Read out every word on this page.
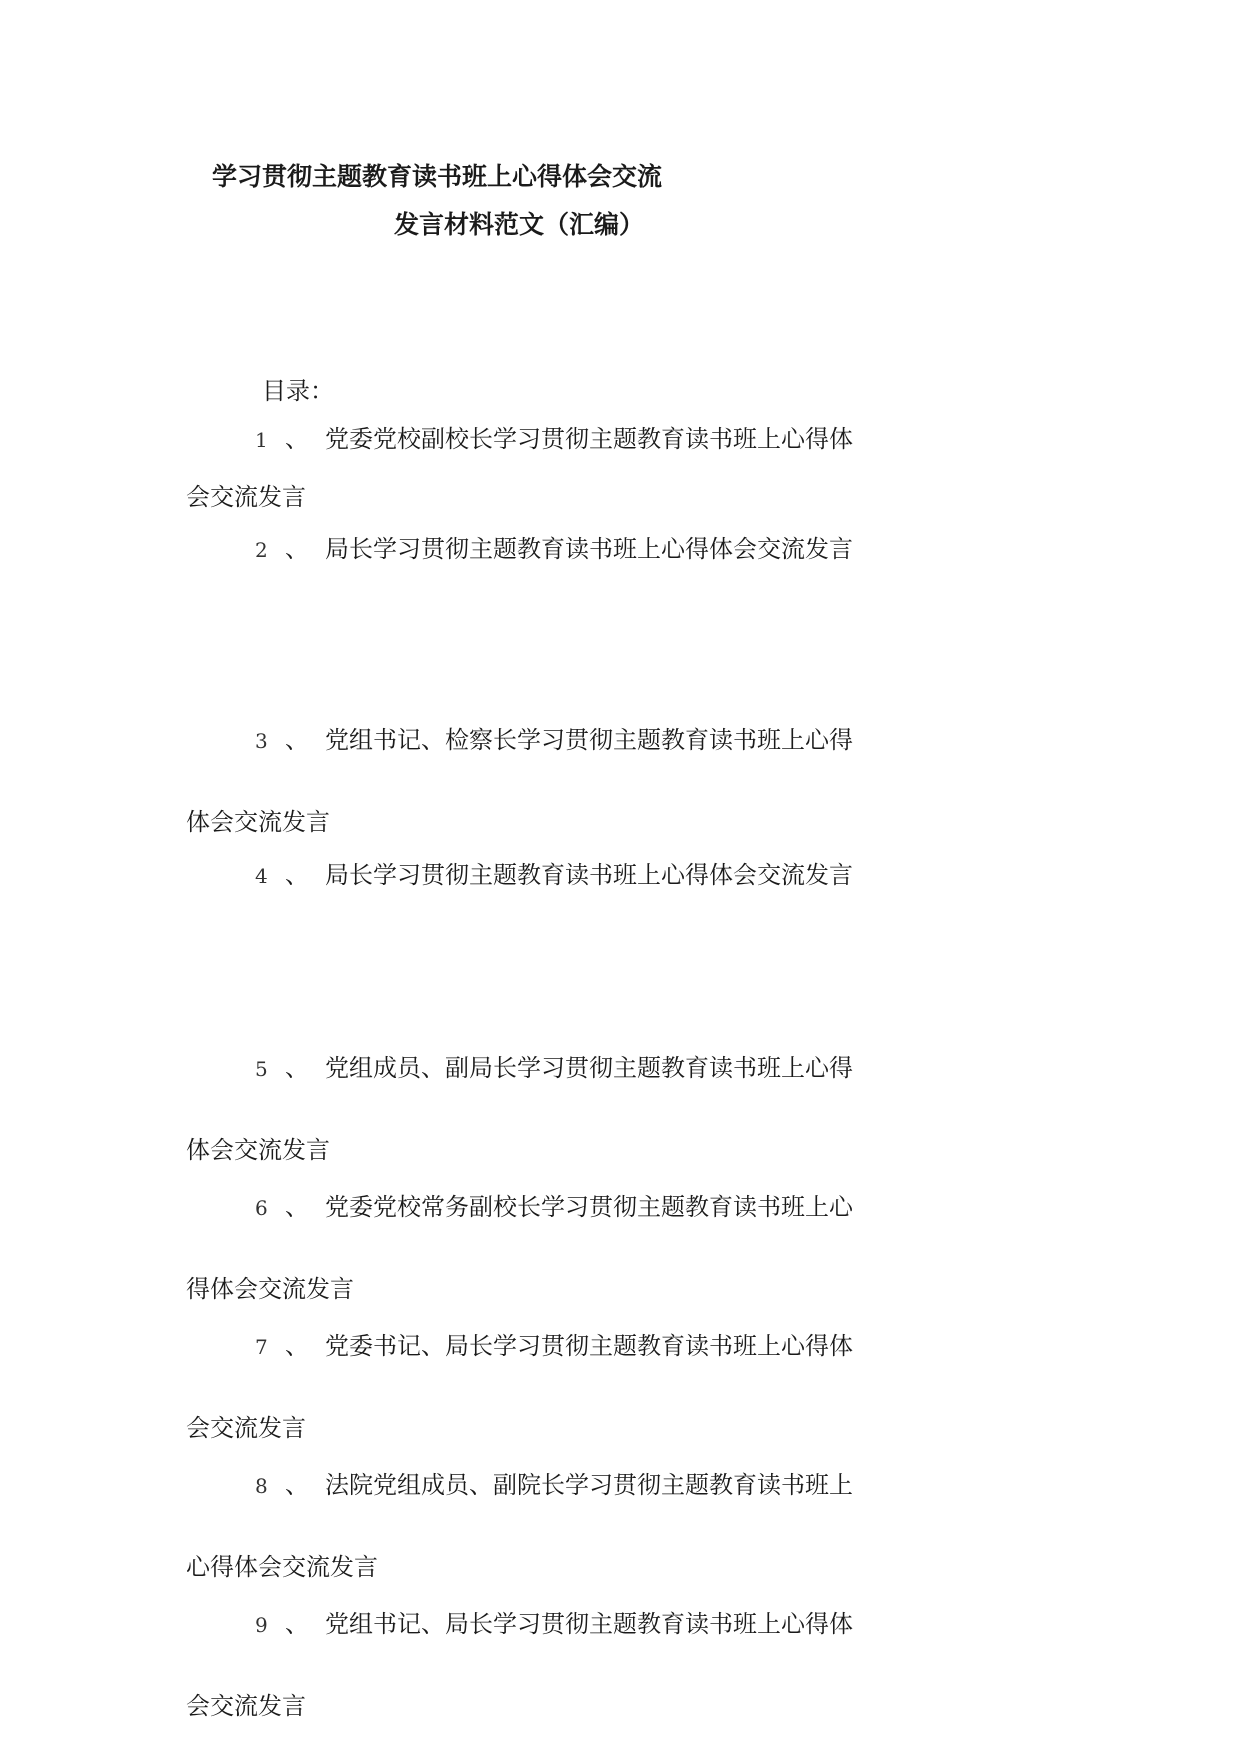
学习贯彻主题教育读书班上心得体会交流
发言材料范文（汇编）
目录：
1 、 党委党校副校长学习贯彻主题教育读书班上心得体
会交流发言
2 、 局长学习贯彻主题教育读书班上心得体会交流发言
3 、 党组书记、检察长学习贯彻主题教育读书班上心得
体会交流发言
4 、 局长学习贯彻主题教育读书班上心得体会交流发言
5 、 党组成员、副局长学习贯彻主题教育读书班上心得
体会交流发言
6 、 党委党校常务副校长学习贯彻主题教育读书班上心
得体会交流发言
7 、 党委书记、局长学习贯彻主题教育读书班上心得体
会交流发言
8 、 法院党组成员、副院长学习贯彻主题教育读书班上
心得体会交流发言
9 、 党组书记、局长学习贯彻主题教育读书班上心得体
会交流发言
